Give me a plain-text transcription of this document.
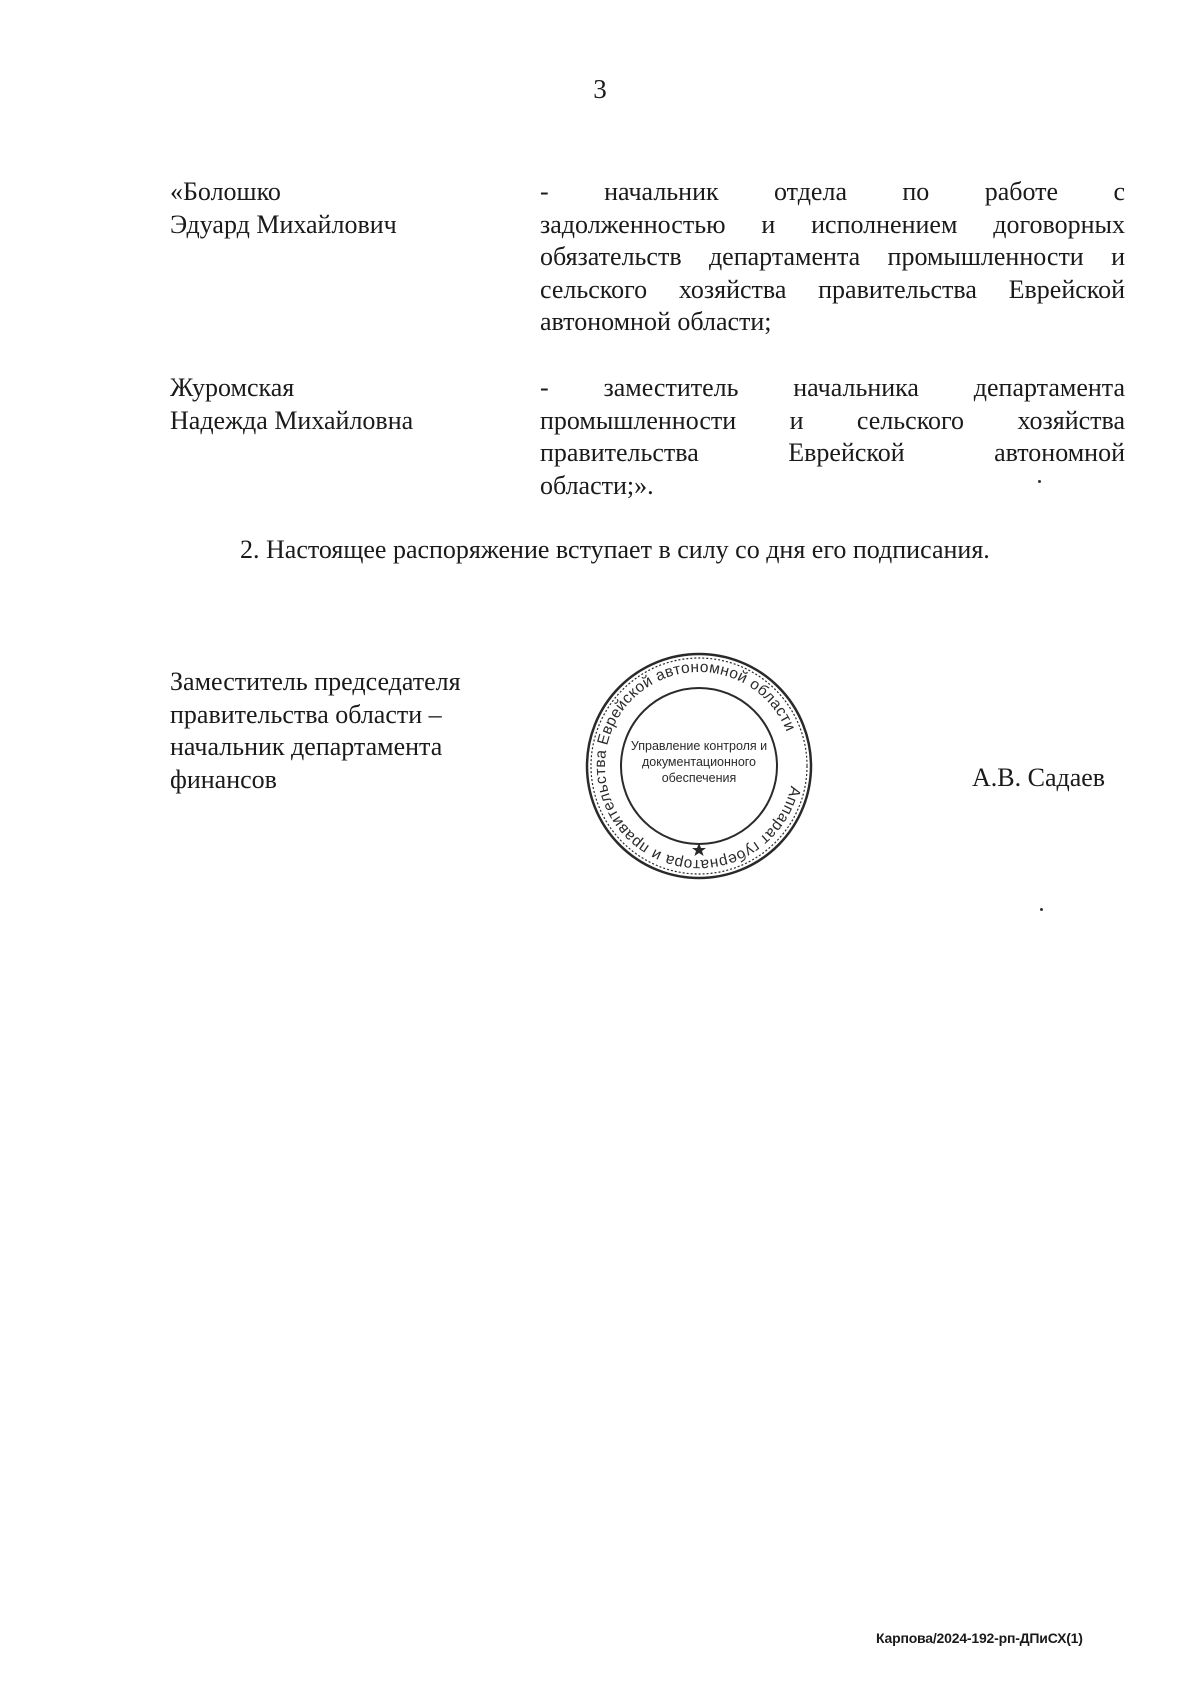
3
«Болошко
Эдуард Михайлович
- начальник отдела по работе с
задолженностью и исполнением договорных
обязательств департамента промышленности и
сельского хозяйства правительства Еврейской
автономной области;
Журомская
Надежда Михайловна
- заместитель начальника департамента
промышленности и сельского хозяйства
правительства Еврейской автономной
области;».
2. Настоящее распоряжение вступает в силу со дня его подписания.
Заместитель председателя
правительства области –
начальник департамента
финансов	Аппарат губернатора и правительства Еврейской автономной области
Управление контроля и
документационного
обеспечения	А.В. Садаев
Карпова/2024-192-рп-ДПиСХ(1)
